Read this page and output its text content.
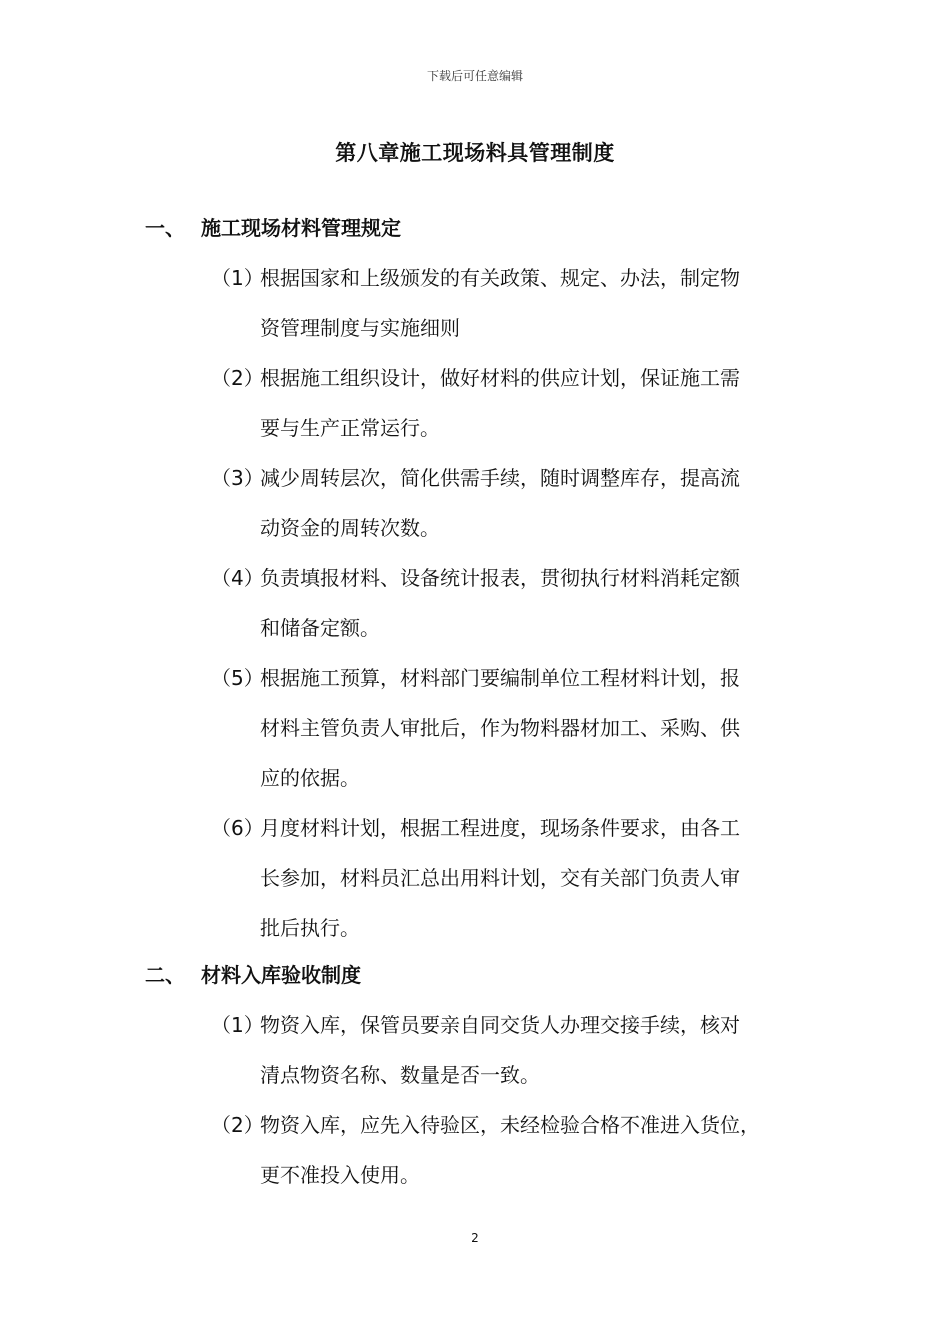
下载后可任意编辑
第八章施工现场料具管理制度
一、 施工现场材料管理规定
（1）
根据国家和上级颁发的有关政策、规定、办法，制定物
资管理制度与实施细则
（2）
根据施工组织设计，做好材料的供应计划，保证施工需
要与生产正常运行。
（3）
减少周转层次，简化供需手续，随时调整库存，提高流
动资金的周转次数。
（4）
负责填报材料、设备统计报表，贯彻执行材料消耗定额
和储备定额。
（5）
根据施工预算，材料部门要编制单位工程材料计划，报
材料主管负责人审批后，作为物料器材加工、采购、供
应的依据。
（6）
月度材料计划，根据工程进度，现场条件要求，由各工
长参加，材料员汇总出用料计划，交有关部门负责人审
批后执行。
二、 材料入库验收制度
（1）
物资入库，保管员要亲自同交货人办理交接手续，核对
清点物资名称、数量是否一致。
（2）
物资入库，应先入待验区，未经检验合格不准进入货位，
更不准投入使用。
2
